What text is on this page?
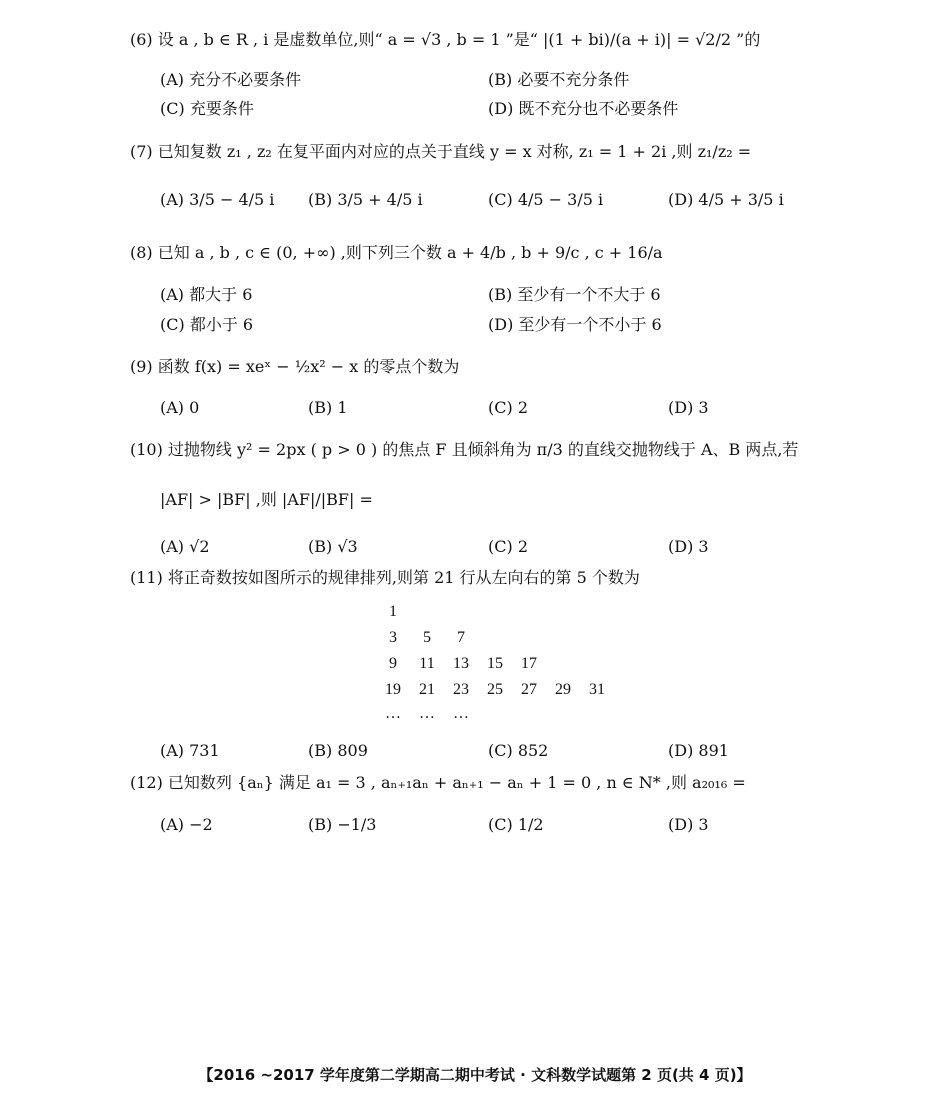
(6) 设 a , b ∈ R , i 是虚数单位,则“ a = √3 , b = 1 ”是“ |(1 + bi)/(a + i)| = √2/2 ”的
(A) 充分不必要条件	(B) 必要不充分条件
(C) 充要条件	(D) 既不充分也不必要条件
(7) 已知复数 z₁ , z₂ 在复平面内对应的点关于直线 y = x 对称, z₁ = 1 + 2i ,则 z₁/z₂ =
(A) 3/5 − 4/5 i (B) 3/5 + 4/5 i	(C) 4/5 − 3/5 i	(D) 4/5 + 3/5 i
(8) 已知 a , b , c ∈ (0, +∞) ,则下列三个数 a + 4/b , b + 9/c , c + 16/a
(A) 都大于 6	(B) 至少有一个不大于 6
(C) 都小于 6	(D) 至少有一个不小于 6
(9) 函数 f(x) = xeˣ − ½x² − x 的零点个数为
(A) 0	(B) 1	(C) 2	(D) 3
(10) 过抛物线 y² = 2px ( p > 0 ) 的焦点 F 且倾斜角为 π/3 的直线交抛物线于 A、B 两点,若
|AF| > |BF| ,则 |AF|/|BF| =
(A) √2	(B) √3	(C) 2	(D) 3
(11) 将正奇数按如图所示的规律排列,则第 21 行从左向右的第 5 个数为
1
3	5	7
9	11	13	15	17
19	21	23	25	27	29	31
…	…	…
(A) 731	(B) 809	(C) 852	(D) 891
(12) 已知数列 {aₙ} 满足 a₁ = 3 , aₙ₊₁aₙ + aₙ₊₁ − aₙ + 1 = 0 , n ∈ N* ,则 a₂₀₁₆ =
(A) −2	(B) −1/3	(C) 1/2	(D) 3
【2016 ~2017 学年度第二学期高二期中考试 · 文科数学试题第 2 页(共 4 页)】
